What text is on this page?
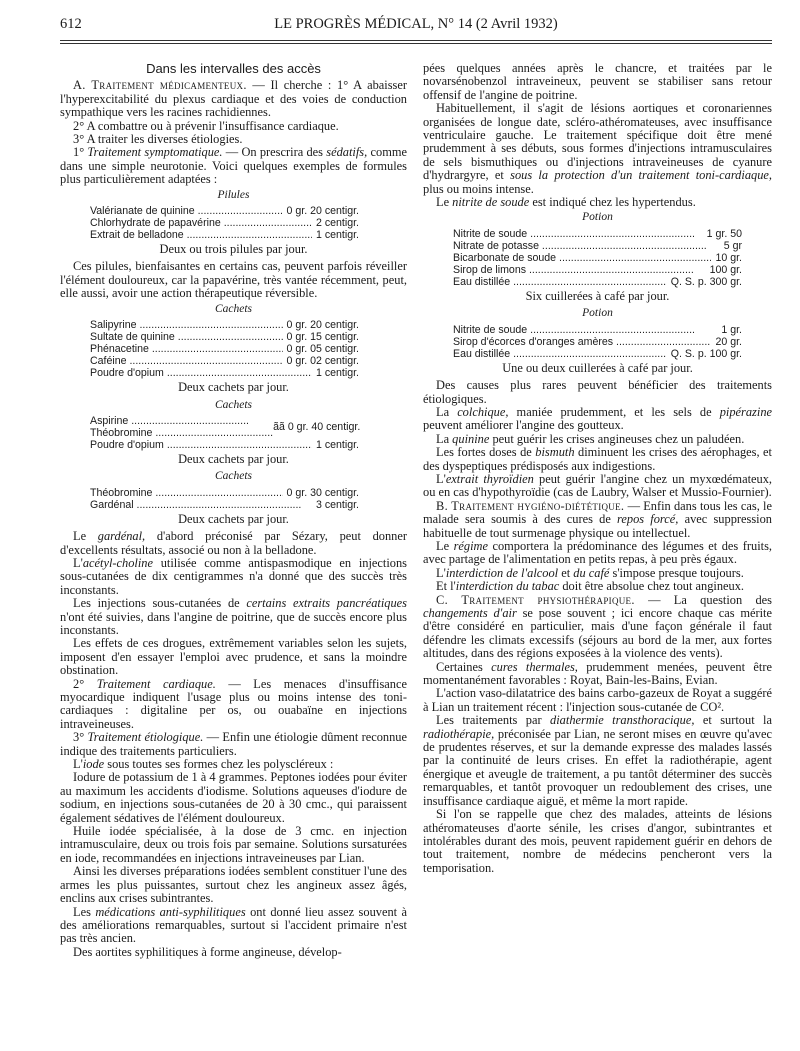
612	LE PROGRÈS MÉDICAL, N° 14 (2 Avril 1932)
Dans les intervalles des accès

A. Traitement médicamenteux. — Il cherche : 1° A abaisser l'hyperexcitabilité du plexus cardiaque et des voies de conduction sympathique vers les racines rachidiennes.

2° A combattre ou à prévenir l'insuffisance cardiaque.

3° A traiter les diverses étiologies.

1° Traitement symptomatique. — On prescrira des sédatifs, comme dans une simple neurotonie. Voici quelques exemples de formules plus particulièrement adaptées :

Pilules
Valérianate de quinine .....	0 gr. 20 centigr.
Chlorhydrate de papavérine .....	2 centigr.
Extrait de belladone .....	1 centigr.
Deux ou trois pilules par jour.

Ces pilules, bienfaisantes en certains cas, peuvent parfois réveiller l'élément douloureux, car la papavérine, très vantée récemment, peut, elle aussi, avoir une action thérapeutique réversible.

Cachets
Salipyrine .....	0 gr. 20 centigr.
Sultate de quinine .....	0 gr. 15 centigr.
Phénacetine .....	0 gr. 05 centigr.
Caféine .....	0 gr. 02 centigr.
Poudre d'opium .....	1 centigr.
Deux cachets par jour.
Cachets
Aspirine .....
Théobromine .....	ãã 0 gr. 40 centigr.
Poudre d'opium .....	1 centigr.
Deux cachets par jour.
Cachets
Théobromine .....	0 gr. 30 centigr.
Gardénal .....	3 centigr.
Deux cachets par jour.

Le gardénal, d'abord préconisé par Sézary, peut donner d'excellents résultats, associé ou non à la belladone.

L'acétyl-choline utilisée comme antispasmodique en injections sous-cutanées de dix centigrammes n'a donné que des succès très inconstants.

Les injections sous-cutanées de certains extraits pancréatiques n'ont été suivies, dans l'angine de poitrine, que de succès encore plus inconstants.

Les effets de ces drogues, extrêmement variables selon les sujets, imposent d'en essayer l'emploi avec prudence, et sans la moindre obstination.

2° Traitement cardiaque. — Les menaces d'insuffisance myocardique indiquent l'usage plus ou moins intense des toni-cardiaques : digitaline per os, ou ouabaïne en injections intraveineuses.

3° Traitement étiologique. — Enfin une étiologie dûment reconnue indique des traitements particuliers.

L'iode sous toutes ses formes chez les polyscléreux :

Iodure de potassium de 1 à 4 grammes. Peptones iodées pour éviter au maximum les accidents d'iodisme. Solutions aqueuses d'iodure de sodium, en injections sous-cutanées de 20 à 30 cmc., qui paraissent également sédatives de l'élément douloureux.

Huile iodée spécialisée, à la dose de 3 cmc. en injection intramusculaire, deux ou trois fois par semaine. Solutions sursaturées en iode, recommandées en injections intraveineuses par Lian.

Ainsi les diverses préparations iodées semblent constituer l'une des armes les plus puissantes, surtout chez les angineux assez âgés, enclins aux crises subintrantes.

Les médications anti-syphilitiques ont donné lieu assez souvent à des améliorations remarquables, surtout si l'accident primaire n'est pas très ancien.

Des aortites syphilitiques à forme angineuse, dévelop-

pées quelques années après le chancre, et traitées par le novarsénobenzol intraveineux, peuvent se stabiliser sans retour offensif de l'angine de poitrine.

Habituellement, il s'agit de lésions aortiques et coronariennes organisées de longue date, scléro-athéromateuses, avec insuffisance ventriculaire gauche. Le traitement spécifique doit être mené prudemment à ses débuts, sous formes d'injections intramusculaires de sels bismuthiques ou d'injections intraveineuses de cyanure d'hydrargyre, et sous la protection d'un traitement toni-cardiaque, plus ou moins intense.

Le nitrite de soude est indiqué chez les hypertendus.

Potion
Nitrite de soude .....	1 gr. 50
Nitrate de potasse .....	5 gr
Bicarbonate de soude .....	10 gr.
Sirop de limons .....	100 gr.
Eau distillée .....	Q. S. p. 300 gr.
Six cuillerées à café par jour.
Potion
Nitrite de soude .....	1 gr.
Sirop d'écorces d'oranges amères .....	20 gr.
Eau distillée .....	Q. S. p. 100 gr.
Une ou deux cuillerées à café par jour.

Des causes plus rares peuvent bénéficier des traitements étiologiques.

La colchique, maniée prudemment, et les sels de pipérazine peuvent améliorer l'angine des goutteux.

La quinine peut guérir les crises angineuses chez un paludéen.

Les fortes doses de bismuth diminuent les crises des aérophages, et des dyspeptiques prédisposés aux indigestions.

L'extrait thyroïdien peut guérir l'angine chez un myxœdémateux, ou en cas d'hypothyroïdie (cas de Laubry, Walser et Mussio-Fournier).

B. Traitement hygiéno-diététique. — Enfin dans tous les cas, le malade sera soumis à des cures de repos forcé, avec suppression habituelle de tout surmenage physique ou intellectuel.

Le régime comportera la prédominance des légumes et des fruits, avec partage de l'alimentation en petits repas, à peu près égaux.

L'interdiction de l'alcool et du café s'impose presque toujours.

Et l'interdiction du tabac doit être absolue chez tout angineux.

C. Traitement physiothérapique. — La question des changements d'air se pose souvent ; ici encore chaque cas mérite d'être considéré en particulier, mais d'une façon générale il faut défendre les climats excessifs (séjours au bord de la mer, aux fortes altitudes, dans des régions exposées à la violence des vents).

Certaines cures thermales, prudemment menées, peuvent être momentanément favorables : Royat, Bain-les-Bains, Evian.

L'action vaso-dilatatrice des bains carbo-gazeux de Royat a suggéré à Lian un traitement récent : l'injection sous-cutanée de CO².

Les traitements par diathermie transthoracique, et surtout la radiothérapie, préconisée par Lian, ne seront mises en œuvre qu'avec de prudentes réserves, et sur la demande expresse des malades lassés par la continuité de leurs crises. En effet la radiothérapie, agent énergique et aveugle de traitement, a pu tantôt déterminer des succès remarquables, et tantôt provoquer un redoublement des crises, une insuffisance cardiaque aiguë, et même la mort rapide.

Si l'on se rappelle que chez des malades, atteints de lésions athéromateuses d'aorte sénile, les crises d'angor, subintrantes et intolérables durant des mois, peuvent rapidement guérir en dehors de tout traitement, nombre de médecins pencheront vers la temporisation.
